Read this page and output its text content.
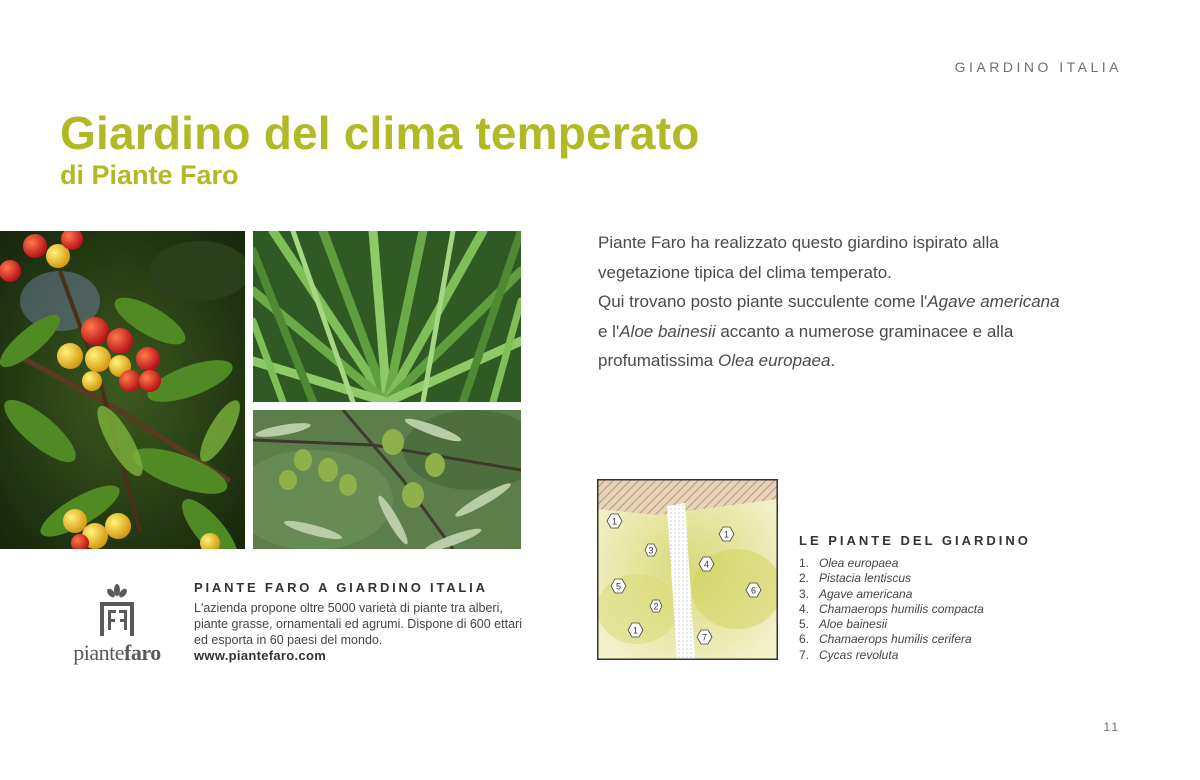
GIARDINO ITALIA
Giardino del clima temperato
di Piante Faro

Piante Faro ha realizzato questo giardino ispirato alla vegetazione tipica del clima temperato.

Qui trovano posto piante succulente come l'Agave americana e l'Aloe bainesii accanto a numerose graminacee e alla profumatissima Olea europaea.

piantefaro
PIANTE FARO A GIARDINO ITALIA

L'azienda propone oltre 5000 varietà di piante tra alberi, piante grasse, ornamentali ed agrumi. Dispone di 600 ettari ed esporta in 60 paesi del mondo.

www.piantefaro.com
1
1
3
4
5	6
2
1
7
LE PIANTE DEL GIARDINO
1. Olea europaea
2. Pistacia lentiscus
3. Agave americana
4. Chamaerops humilis compacta
5. Aloe bainesii
6. Chamaerops humilis cerifera
7. Cycas revoluta
11
